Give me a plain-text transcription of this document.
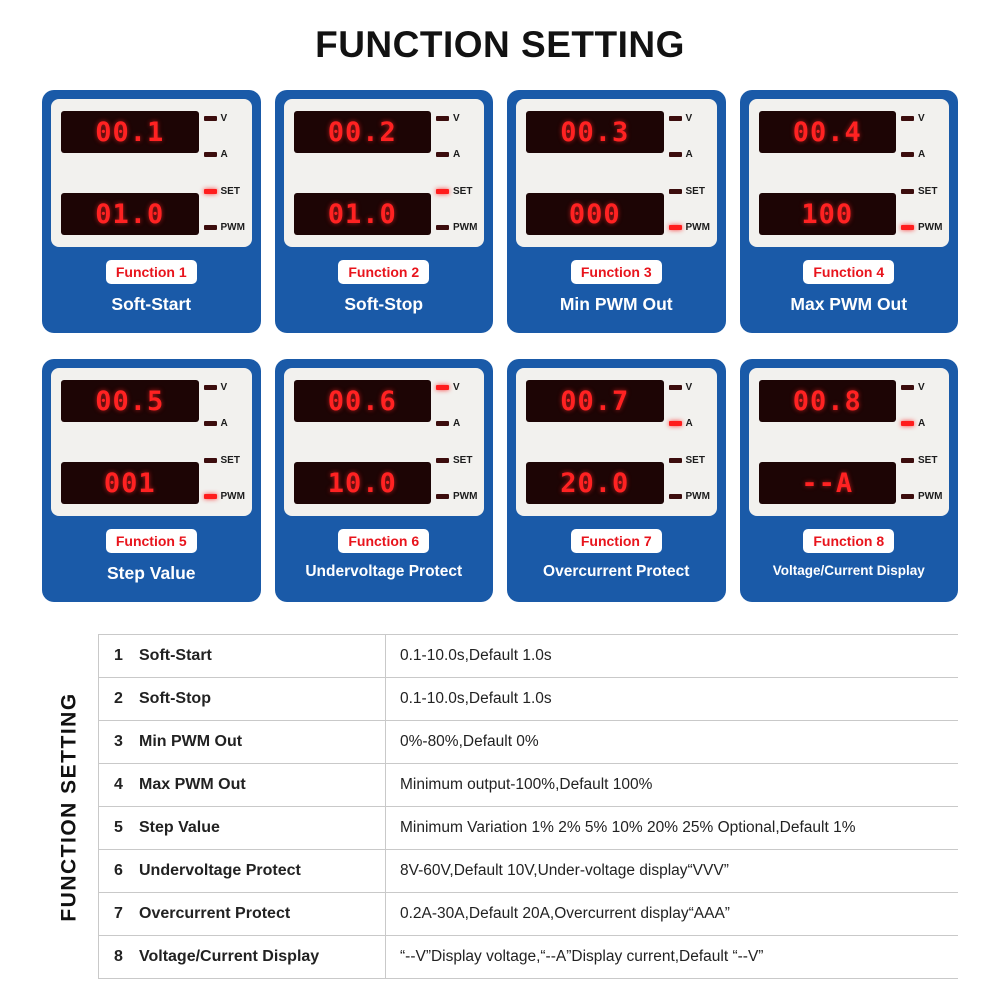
FUNCTION SETTING
00.1
01.0
V
A
SET
PWM
Function 1
Soft-Start
00.2
01.0
V
A
SET
PWM
Function 2
Soft-Stop
00.3
000
V
A
SET
PWM
Function 3
Min PWM Out
00.4
100
V
A
SET
PWM
Function 4
Max PWM Out
00.5
001
V
A
SET
PWM
Function 5
Step Value
00.6
10.0
V
A
SET
PWM
Function 6
Undervoltage Protect
00.7
20.0
V
A
SET
PWM
Function 7
Overcurrent Protect
00.8
--A
V
A
SET
PWM
Function 8
Voltage/Current Display
FUNCTION SETTING
1 Soft-Start	0.1-10.0s,Default 1.0s
2 Soft-Stop	0.1-10.0s,Default 1.0s
3 Min PWM Out	0%-80%,Default 0%
4 Max PWM Out	Minimum output-100%,Default 100%
5 Step Value	Minimum Variation 1% 2% 5% 10% 20% 25% Optional,Default 1%
6 Undervoltage Protect	8V-60V,Default 10V,Under-voltage display“VVV”
7 Overcurrent Protect	0.2A-30A,Default 20A,Overcurrent display“AAA”
8 Voltage/Current Display	“--V”Display voltage,“--A”Display current,Default “--V”
